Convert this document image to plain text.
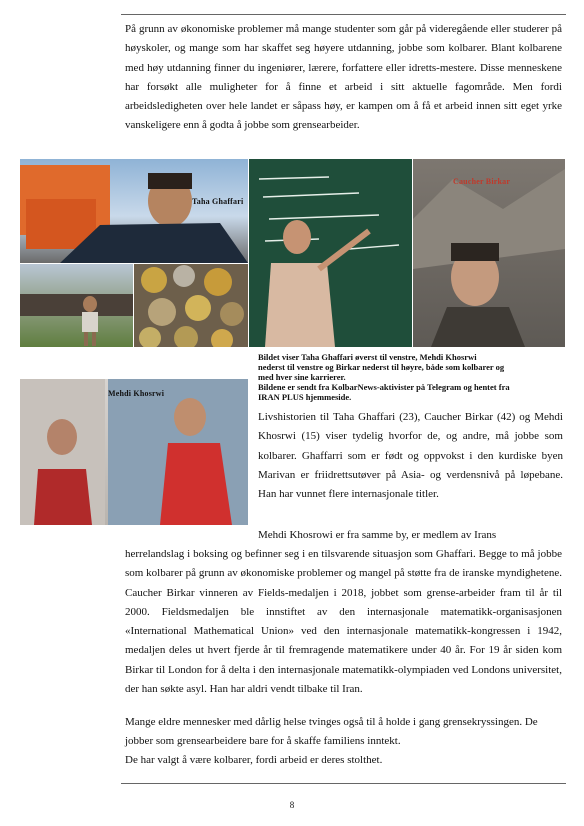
På grunn av økonomiske problemer må mange studenter som går på videregående eller studerer på høyskoler, og mange som har skaffet seg høyere utdanning, jobbe som kolbarer. Blant kolbarene med høy utdanning finner du ingeniører, lærere, forfattere eller idretts-mestere. Disse menneskene har forsøkt alle muligheter for å finne et arbeid i sitt aktuelle fagområde. Men fordi arbeidsledigheten over hele landet er såpass høy, er kampen om å få et arbeid innen sitt eget yrke vanskeligere enn å godta å jobbe som grensearbeider.

Taha Ghaffari
Mehdi Khosrwi
Caucher Birkar

Bildet viser Taha Ghaffari øverst til venstre, Mehdi Khosrwi
nederst til venstre og Birkar nederst til høyre, både som kolbarer og
med hver sine karrierer.
Bildene er sendt fra KolbarNews-aktivister på Telegram og hentet fra
IRAN PLUS hjemmeside.

Livshistorien til Taha Ghaffari (23), Caucher Birkar (42) og Mehdi Khosrwi (15) viser tydelig hvorfor de, og andre, må jobbe som kolbarer. Ghaffarri som er født og oppvokst i den kurdiske byen Marivan er friidrettsutøver på Asia- og verdensnivå på løpebane. Han har vunnet flere internasjonale titler.

Mehdi Khosrowi er fra samme by, er medlem av Irans

herrelandslag i boksing og befinner seg i en tilsvarende situasjon som Ghaffari. Begge to må jobbe som kolbarer på grunn av økonomiske problemer og mangel på støtte fra de iranske myndighetene. Caucher Birkar vinneren av Fields-medaljen i 2018, jobbet som grense-arbeider fram til år til 2000. Fieldsmedaljen ble innstiftet av den internasjonale matematikk-organisasjonen «International Mathematical Union» ved den internasjonale matematikk-kongressen i 1942, medaljen deles ut hvert fjerde år til fremragende matematikere under 40 år. For 19 år siden kom Birkar til London for å delta i den internasjonale matematikk-olympiaden ved Londons universitet, der han søkte asyl. Han har aldri vendt tilbake til Iran.

Mange eldre mennesker med dårlig helse tvinges også til å holde i gang grensekryssingen. De jobber som grensearbeidere bare for å skaffe familiens inntekt.

De har valgt å være kolbarer, fordi arbeid er deres stolthet.

8
